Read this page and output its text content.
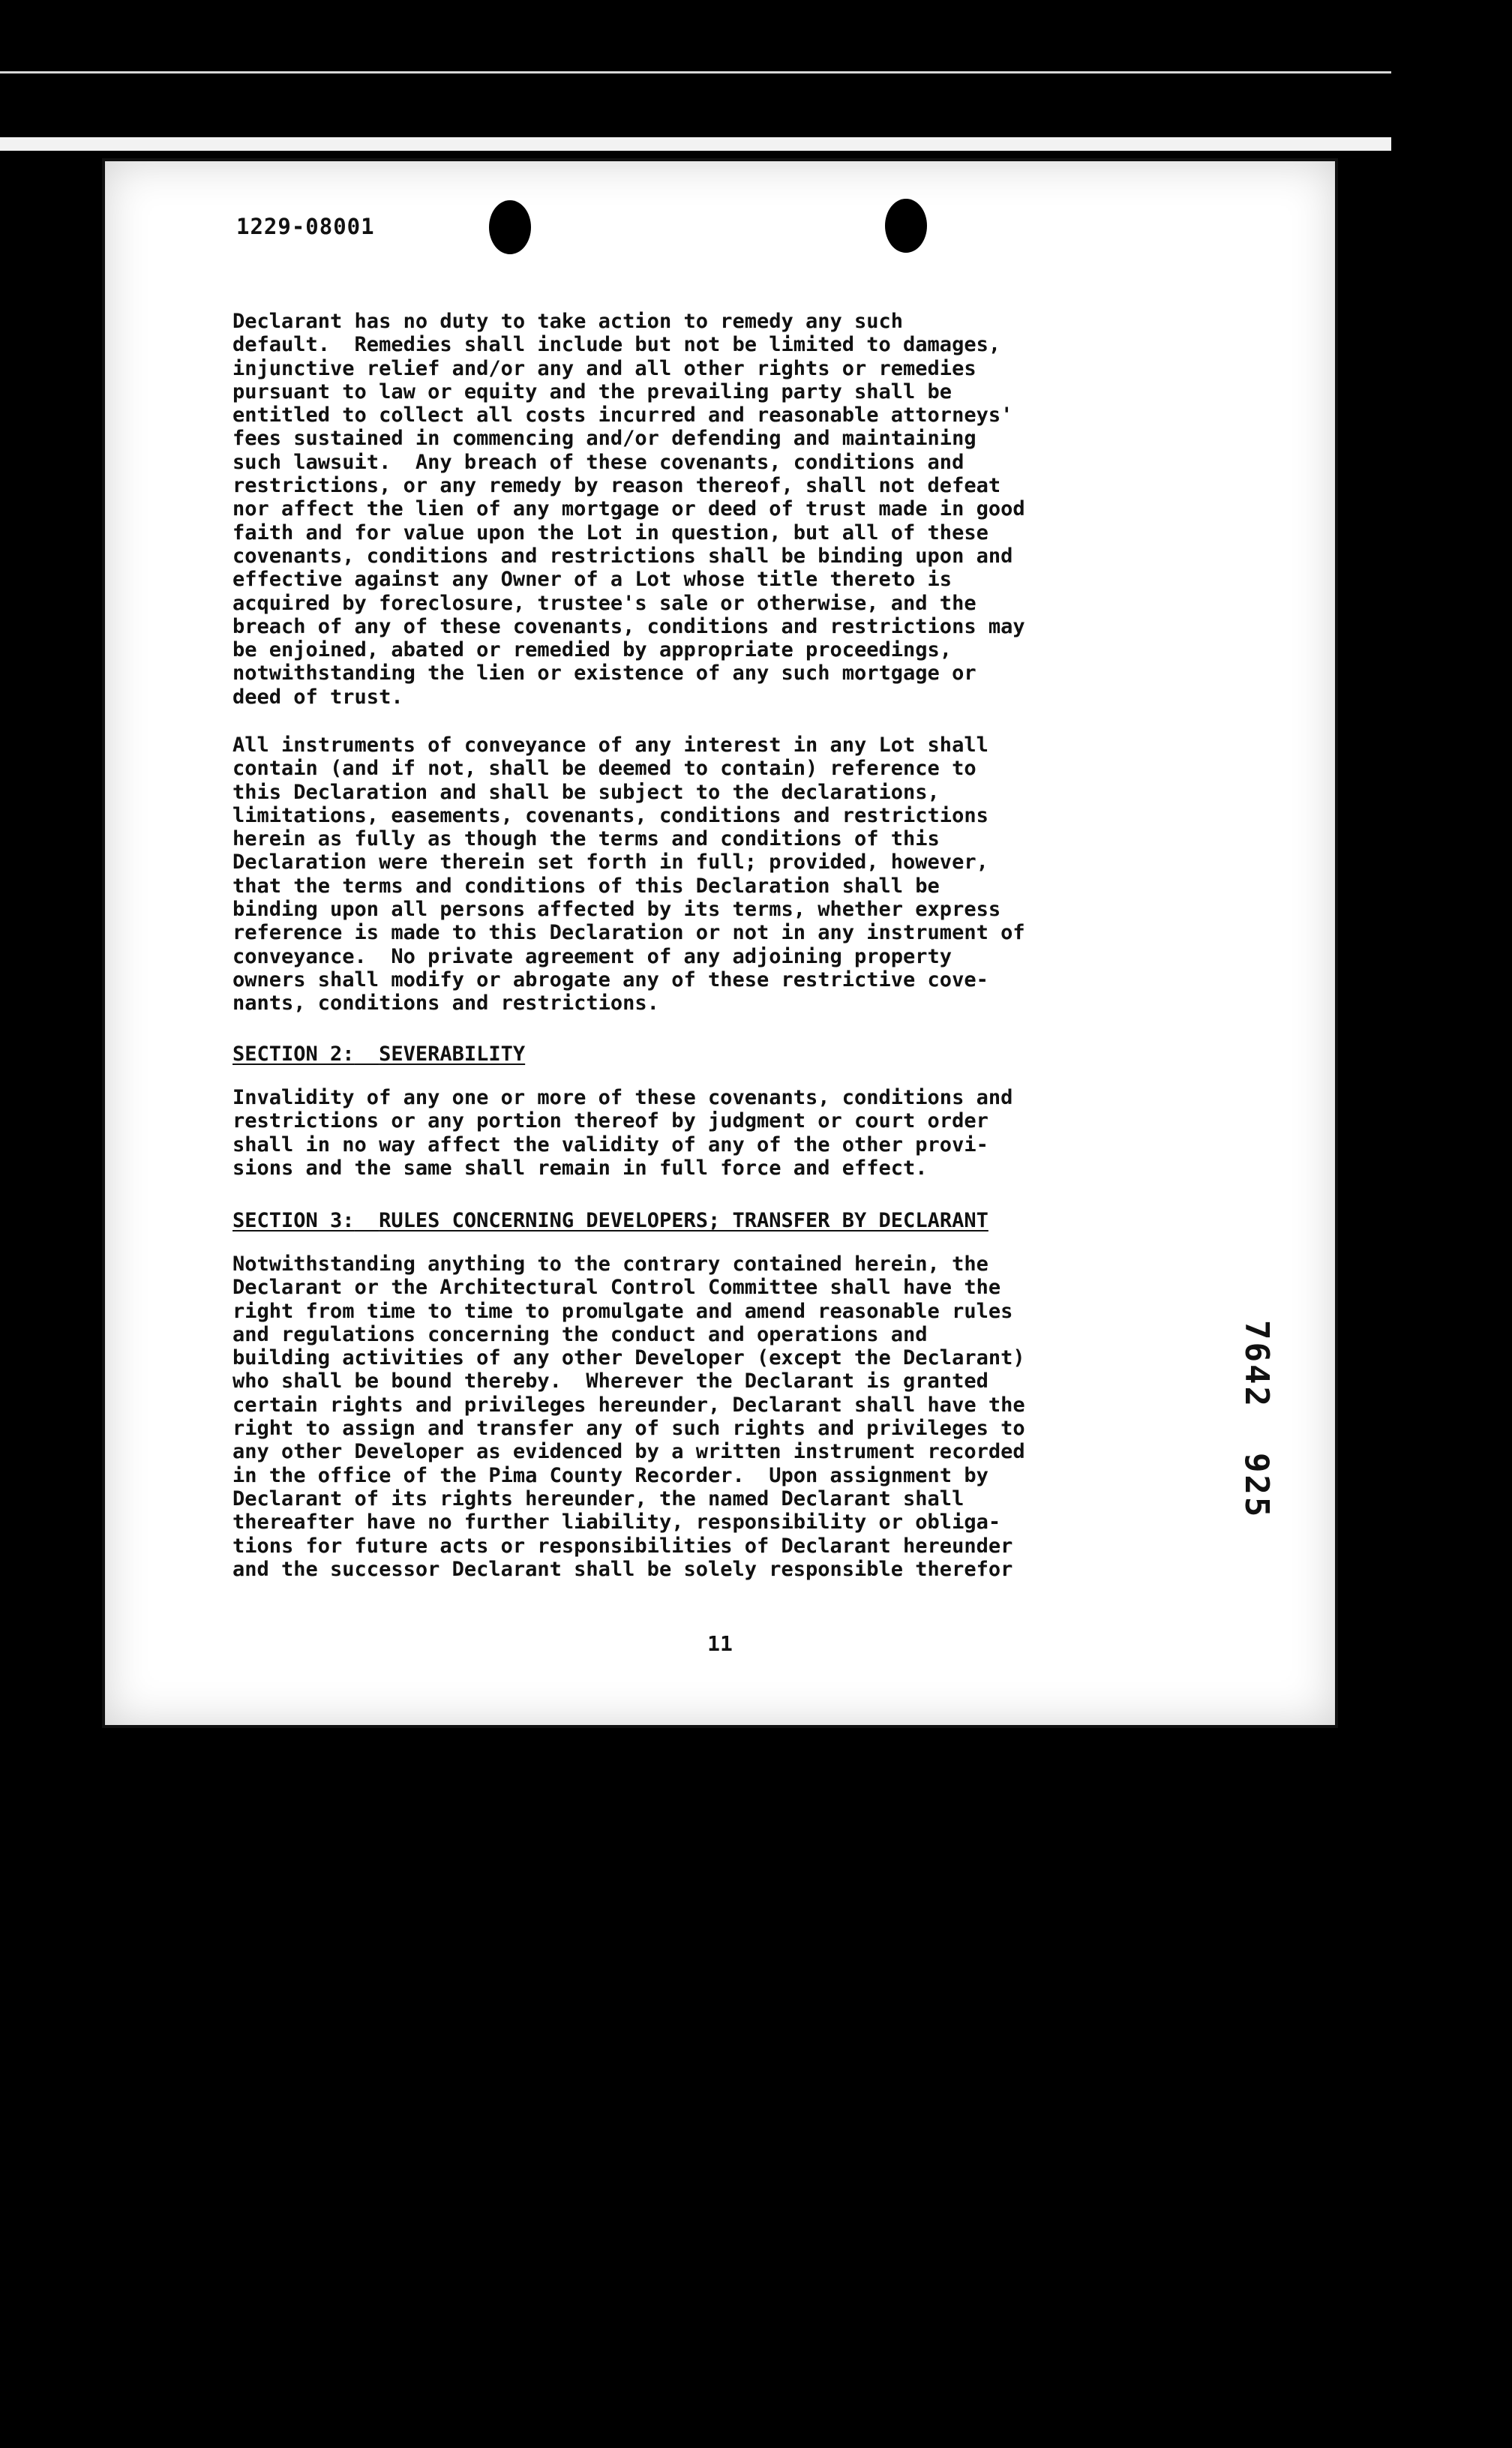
1229-08001
Declarant has no duty to take action to remedy any such
default.  Remedies shall include but not be limited to damages,
injunctive relief and/or any and all other rights or remedies
pursuant to law or equity and the prevailing party shall be
entitled to collect all costs incurred and reasonable attorneys'
fees sustained in commencing and/or defending and maintaining
such lawsuit.  Any breach of these covenants, conditions and
restrictions, or any remedy by reason thereof, shall not defeat
nor affect the lien of any mortgage or deed of trust made in good
faith and for value upon the Lot in question, but all of these
covenants, conditions and restrictions shall be binding upon and
effective against any Owner of a Lot whose title thereto is
acquired by foreclosure, trustee's sale or otherwise, and the
breach of any of these covenants, conditions and restrictions may
be enjoined, abated or remedied by appropriate proceedings,
notwithstanding the lien or existence of any such mortgage or
deed of trust.
All instruments of conveyance of any interest in any Lot shall
contain (and if not, shall be deemed to contain) reference to
this Declaration and shall be subject to the declarations,
limitations, easements, covenants, conditions and restrictions
herein as fully as though the terms and conditions of this
Declaration were therein set forth in full; provided, however,
that the terms and conditions of this Declaration shall be
binding upon all persons affected by its terms, whether express
reference is made to this Declaration or not in any instrument of
conveyance.  No private agreement of any adjoining property
owners shall modify or abrogate any of these restrictive cove-
nants, conditions and restrictions.
SECTION 2: SEVERABILITY
Invalidity of any one or more of these covenants, conditions and
restrictions or any portion thereof by judgment or court order
shall in no way affect the validity of any of the other provi-
sions and the same shall remain in full force and effect.
SECTION 3: RULES CONCERNING DEVELOPERS; TRANSFER BY DECLARANT
Notwithstanding anything to the contrary contained herein, the
Declarant or the Architectural Control Committee shall have the
right from time to time to promulgate and amend reasonable rules
and regulations concerning the conduct and operations and
building activities of any other Developer (except the Declarant)
who shall be bound thereby.  Wherever the Declarant is granted
certain rights and privileges hereunder, Declarant shall have the
right to assign and transfer any of such rights and privileges to
any other Developer as evidenced by a written instrument recorded
in the office of the Pima County Recorder.  Upon assignment by
Declarant of its rights hereunder, the named Declarant shall
thereafter have no further liability, responsibility or obliga-
tions for future acts or responsibilities of Declarant hereunder
and the successor Declarant shall be solely responsible therefor
7642  925
11
